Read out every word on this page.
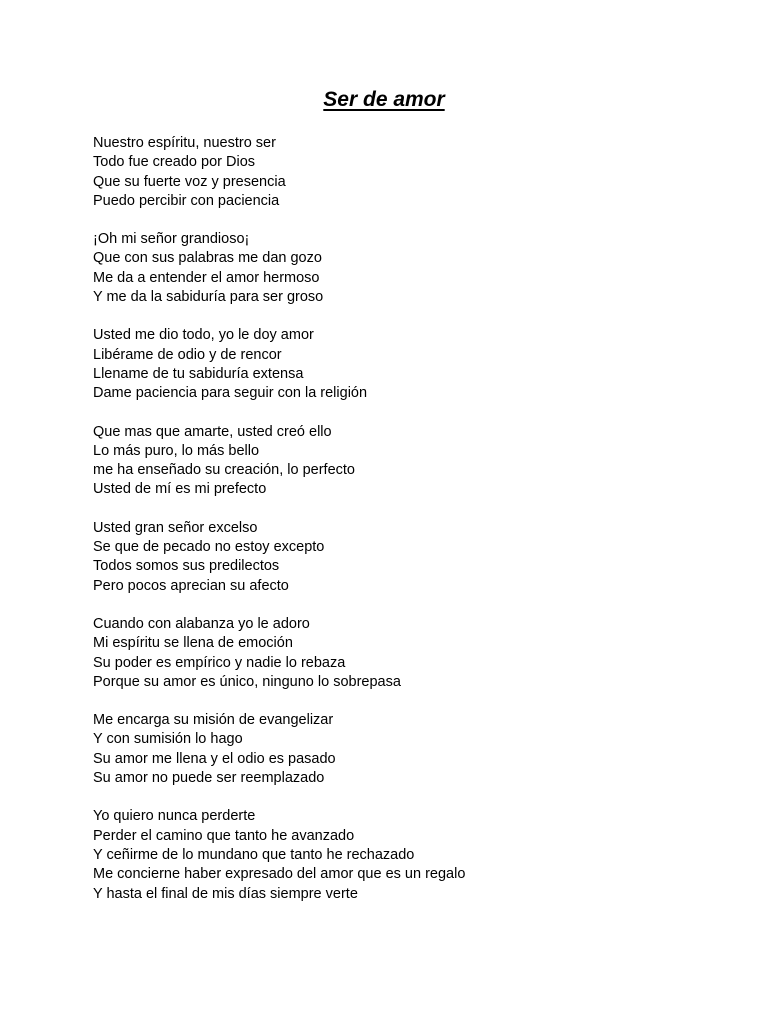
Ser de amor
Nuestro espíritu, nuestro ser
Todo fue creado por Dios
Que su fuerte voz y presencia
Puedo percibir con paciencia
¡Oh mi señor grandioso¡
Que con sus palabras me dan gozo
Me da a entender el amor hermoso
Y me da la sabiduría para ser groso
Usted me dio todo, yo le doy amor
Libérame de odio y de rencor
Llename de tu sabiduría extensa
Dame paciencia para seguir con la religión
Que mas que amarte, usted creó ello
Lo más puro, lo más bello
me ha enseñado su creación, lo perfecto
Usted de mí es mi prefecto
Usted gran señor excelso
Se que de pecado no estoy excepto
Todos somos sus predilectos
Pero pocos aprecian su afecto
Cuando con alabanza yo le adoro
Mi espíritu se llena de emoción
Su poder es empírico y nadie lo rebaza
Porque su amor es único, ninguno lo sobrepasa
Me encarga su misión de evangelizar
Y con sumisión lo hago
Su amor me llena y el odio es pasado
Su amor no puede ser reemplazado
Yo quiero nunca perderte
Perder el camino que tanto he avanzado
Y ceñirme de lo mundano que tanto he rechazado
Me concierne haber expresado del amor que es un regalo
Y hasta el final de mis días siempre verte
